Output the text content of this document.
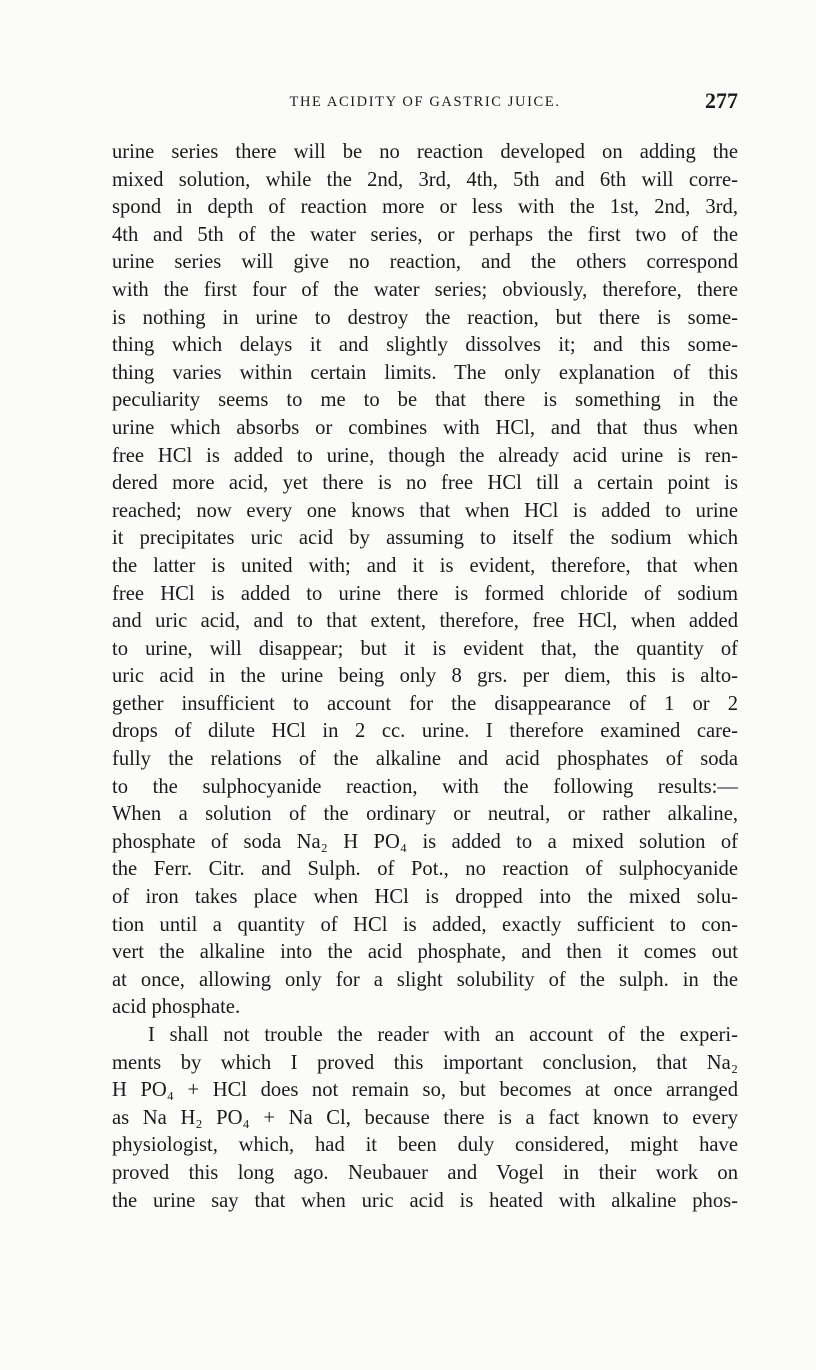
THE ACIDITY OF GASTRIC JUICE.	277
urine series there will be no reaction developed on adding the
mixed solution, while the 2nd, 3rd, 4th, 5th and 6th will corre-
spond in depth of reaction more or less with the 1st, 2nd, 3rd,
4th and 5th of the water series, or perhaps the first two of the
urine series will give no reaction, and the others correspond
with the first four of the water series; obviously, therefore, there
is nothing in urine to destroy the reaction, but there is some-
thing which delays it and slightly dissolves it; and this some-
thing varies within certain limits. The only explanation of this
peculiarity seems to me to be that there is something in the
urine which absorbs or combines with HCl, and that thus when
free HCl is added to urine, though the already acid urine is ren-
dered more acid, yet there is no free HCl till a certain point is
reached; now every one knows that when HCl is added to urine
it precipitates uric acid by assuming to itself the sodium which
the latter is united with; and it is evident, therefore, that when
free HCl is added to urine there is formed chloride of sodium
and uric acid, and to that extent, therefore, free HCl, when added
to urine, will disappear; but it is evident that, the quantity of
uric acid in the urine being only 8 grs. per diem, this is alto-
gether insufficient to account for the disappearance of 1 or 2
drops of dilute HCl in 2 cc. urine. I therefore examined care-
fully the relations of the alkaline and acid phosphates of soda
to the sulphocyanide reaction, with the following results:—
When a solution of the ordinary or neutral, or rather alkaline,
phosphate of soda Na₂ H PO₄ is added to a mixed solution of
the Ferr. Citr. and Sulph. of Pot., no reaction of sulphocyanide
of iron takes place when HCl is dropped into the mixed solu-
tion until a quantity of HCl is added, exactly sufficient to con-
vert the alkaline into the acid phosphate, and then it comes out
at once, allowing only for a slight solubility of the sulph. in the
acid phosphate.
I shall not trouble the reader with an account of the experi-
ments by which I proved this important conclusion, that Na₂
H PO₄ + HCl does not remain so, but becomes at once arranged
as Na H₂ PO₄ + Na Cl, because there is a fact known to every
physiologist, which, had it been duly considered, might have
proved this long ago. Neubauer and Vogel in their work on
the urine say that when uric acid is heated with alkaline phos-
